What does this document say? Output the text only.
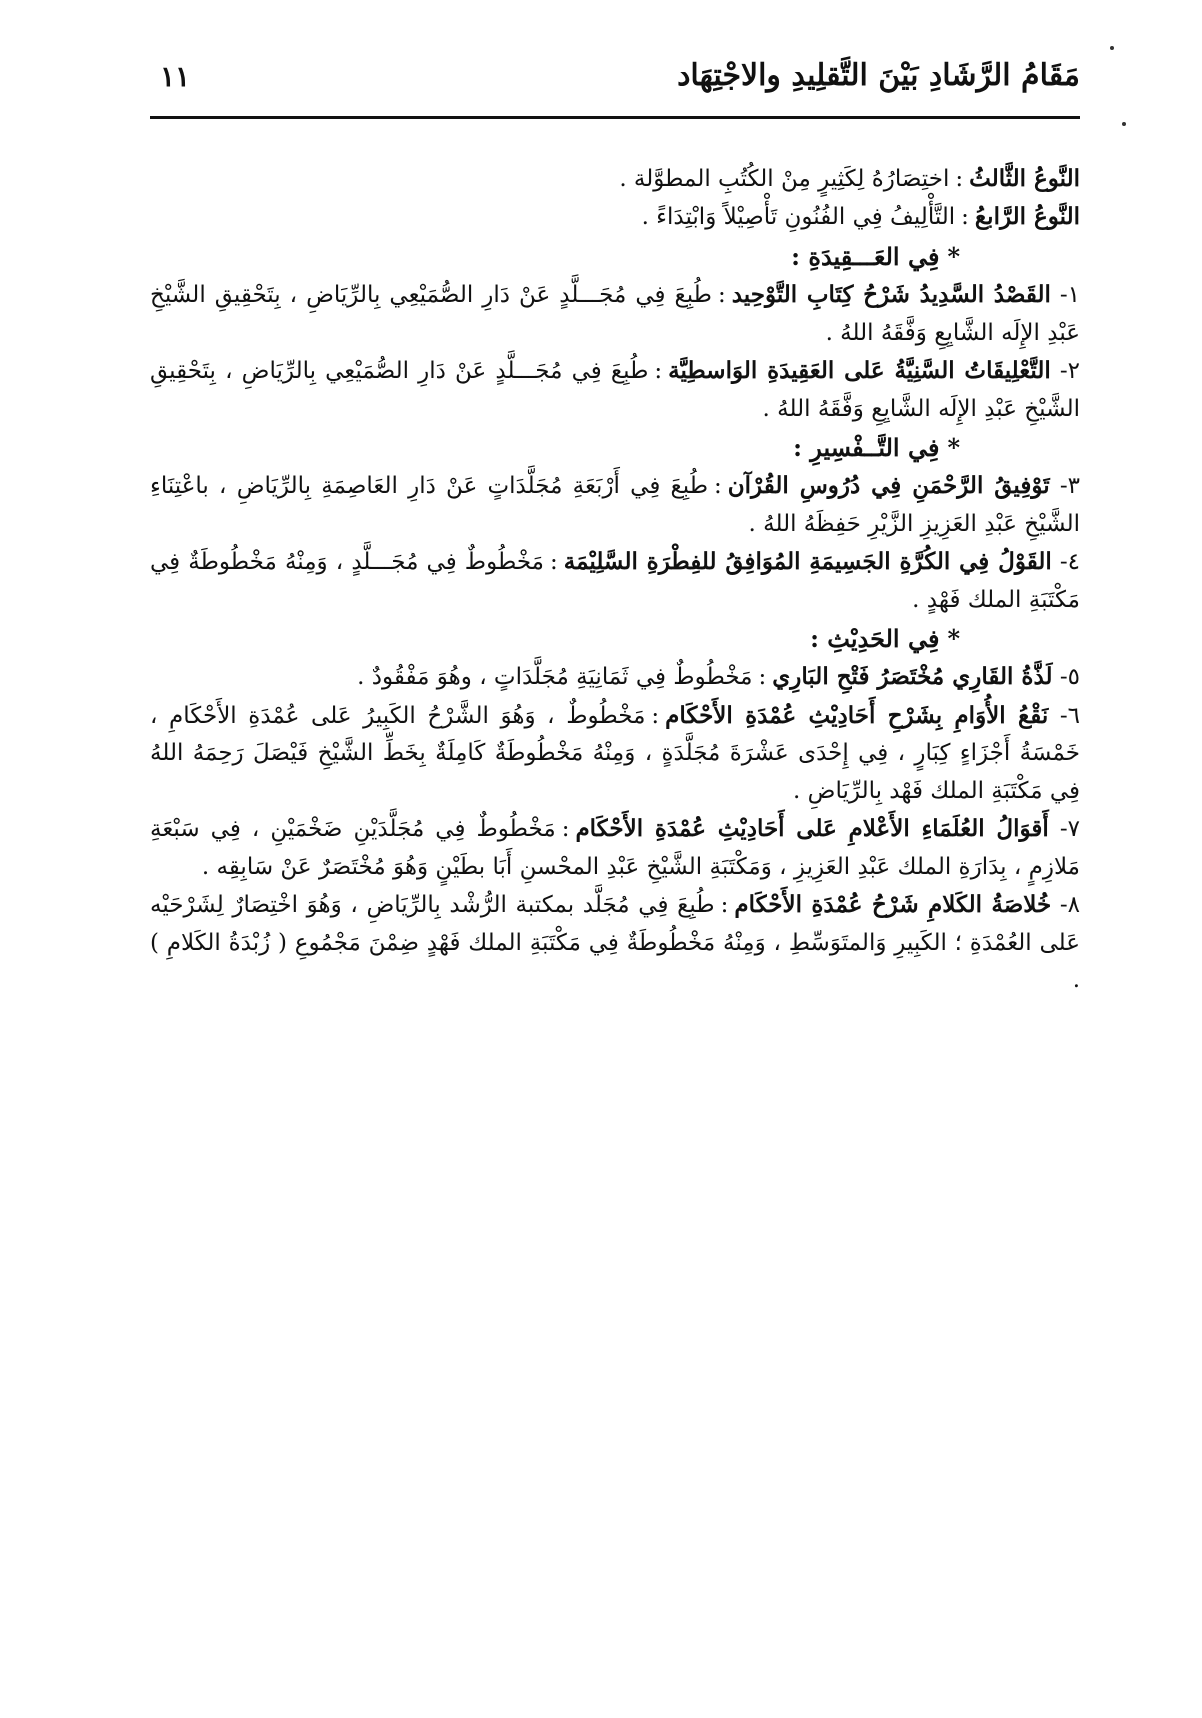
مَقَامُ الرَّشَادِ بَيْنَ التَّقلِيدِ والاجْتِهَاد
١١

النَّوعُ الثَّالثُ:اختِصَارُهُ لِكَثِيرٍ مِنْ الكُتُبِ المطوَّلة .

النَّوعُ الرَّابعُ:التَّأْلِيفُ فِي الفُنُونِ تَأْصِيْلاً وَابْتِدَاءً .

*فِي العَـــقِيدَةِ :

١- القَصْدُ السَّدِيدُ شَرْحُ كِتَابِ التَّوْحِيد:طُبِعَ فِي مُجَـــلَّدٍ عَنْ دَارِ الصُّمَيْعِي بِالرِّيَاضِ ، بِتَحْقِيقِ الشَّيْخِ عَبْدِ الإِلَه الشَّايِعِ وَفَّقَهُ اللهُ .

٢- التَّعْلِيقَاتُ السَّنِيَّةُ عَلى العَقِيدَةِ الوَاسطِيَّة:طُبِعَ فِي مُجَـــلَّدٍ عَنْ دَارِ الصُّمَيْعِي بِالرِّيَاضِ ، بِتَحْقِيقِ الشَّيْخِ عَبْدِ الإِلَه الشَّايِعِ وَفَّقَهُ اللهُ .

*فِي التَّــفْسِيرِ :

٣- تَوْفِيقُ الرَّحْمَنِ فِي دُرُوسِ القُرْآن:طُبِعَ فِي أَرْبَعَةِ مُجَلَّدَاتٍ عَنْ دَارِ العَاصِمَةِ بِالرِّيَاضِ ، باعْتِنَاءِ الشَّيْخِ عَبْدِ العَزِيزِ الزَّيْرِ حَفِظَهُ اللهُ .

٤- القَوْلُ فِي الكُرَّةِ الجَسِيمَةِ المُوَافِقُ للفِطْرَةِ السَّلِيْمَة:مَخْطُوطٌ فِي مُجَـــلَّدٍ ، وَمِنْهُ مَخْطُوطَةٌ فِي مَكْتَبَةِ الملك فَهْدٍ .

*فِي الحَدِيْثِ :

٥- لَذَّةُ القَارِي مُخْتَصَرُ فَتْحِ البَارِي:مَخْطُوطٌ فِي ثَمَانِيَةِ مُجَلَّدَاتٍ ، وهُوَ مَفْقُودٌ .

٦- نَقْعُ الأُوَامِ بِشَرْحِ أَحَادِيْثِ عُمْدَةِ الأَحْكَام:مَخْطُوطٌ ، وَهُوَ الشَّرْحُ الكَبِيرُ عَلى عُمْدَةِ الأَحْكَامِ ، خَمْسَةُ أَجْزَاءٍ كِبَارٍ ، فِي إِحْدَى عَشْرَةَ مُجَلَّدَةٍ ، وَمِنْهُ مَخْطُوطَةٌ كَامِلَةٌ بِخَطِّ الشَّيْخِ فَيْصَلَ رَحِمَهُ اللهُ فِي مَكْتَبَةِ الملك فَهْد بِالرِّيَاضِ .

٧- أَقوَالُ العُلَمَاءِ الأَعْلامِ عَلى أَحَادِيْثِ عُمْدَةِ الأَحْكَام:مَخْطُوطٌ فِي مُجَلَّدَيْنِ ضَخْمَيْنِ ، فِي سَبْعَةِ مَلازِمٍ ، بِدَارَةِ الملك عَبْدِ العَزِيزِ ، وَمَكْتَبَةِ الشَّيْخِ عَبْدِ المحْسنِ أَبَا بطَيْنٍ وَهُوَ مُخْتَصَرٌ عَنْ سَابِقِه .

٨- خُلاصَةُ الكَلامِ شَرْحُ عُمْدَةِ الأَحْكَام:طُبِعَ فِي مُجَلَّد بمكتبة الرُّشْد بِالرِّيَاضِ ، وَهُوَ اخْتِصَارٌ لِشَرْحَيْه عَلى العُمْدَةِ ؛ الكَبِيرِ وَالمتَوَسِّطِ ، وَمِنْهُ مَخْطُوطَةٌ فِي مَكْتَبَةِ الملك فَهْدٍ ضِمْنَ مَجْمُوعِ ( زُبْدَةُ الكَلامِ ) .
